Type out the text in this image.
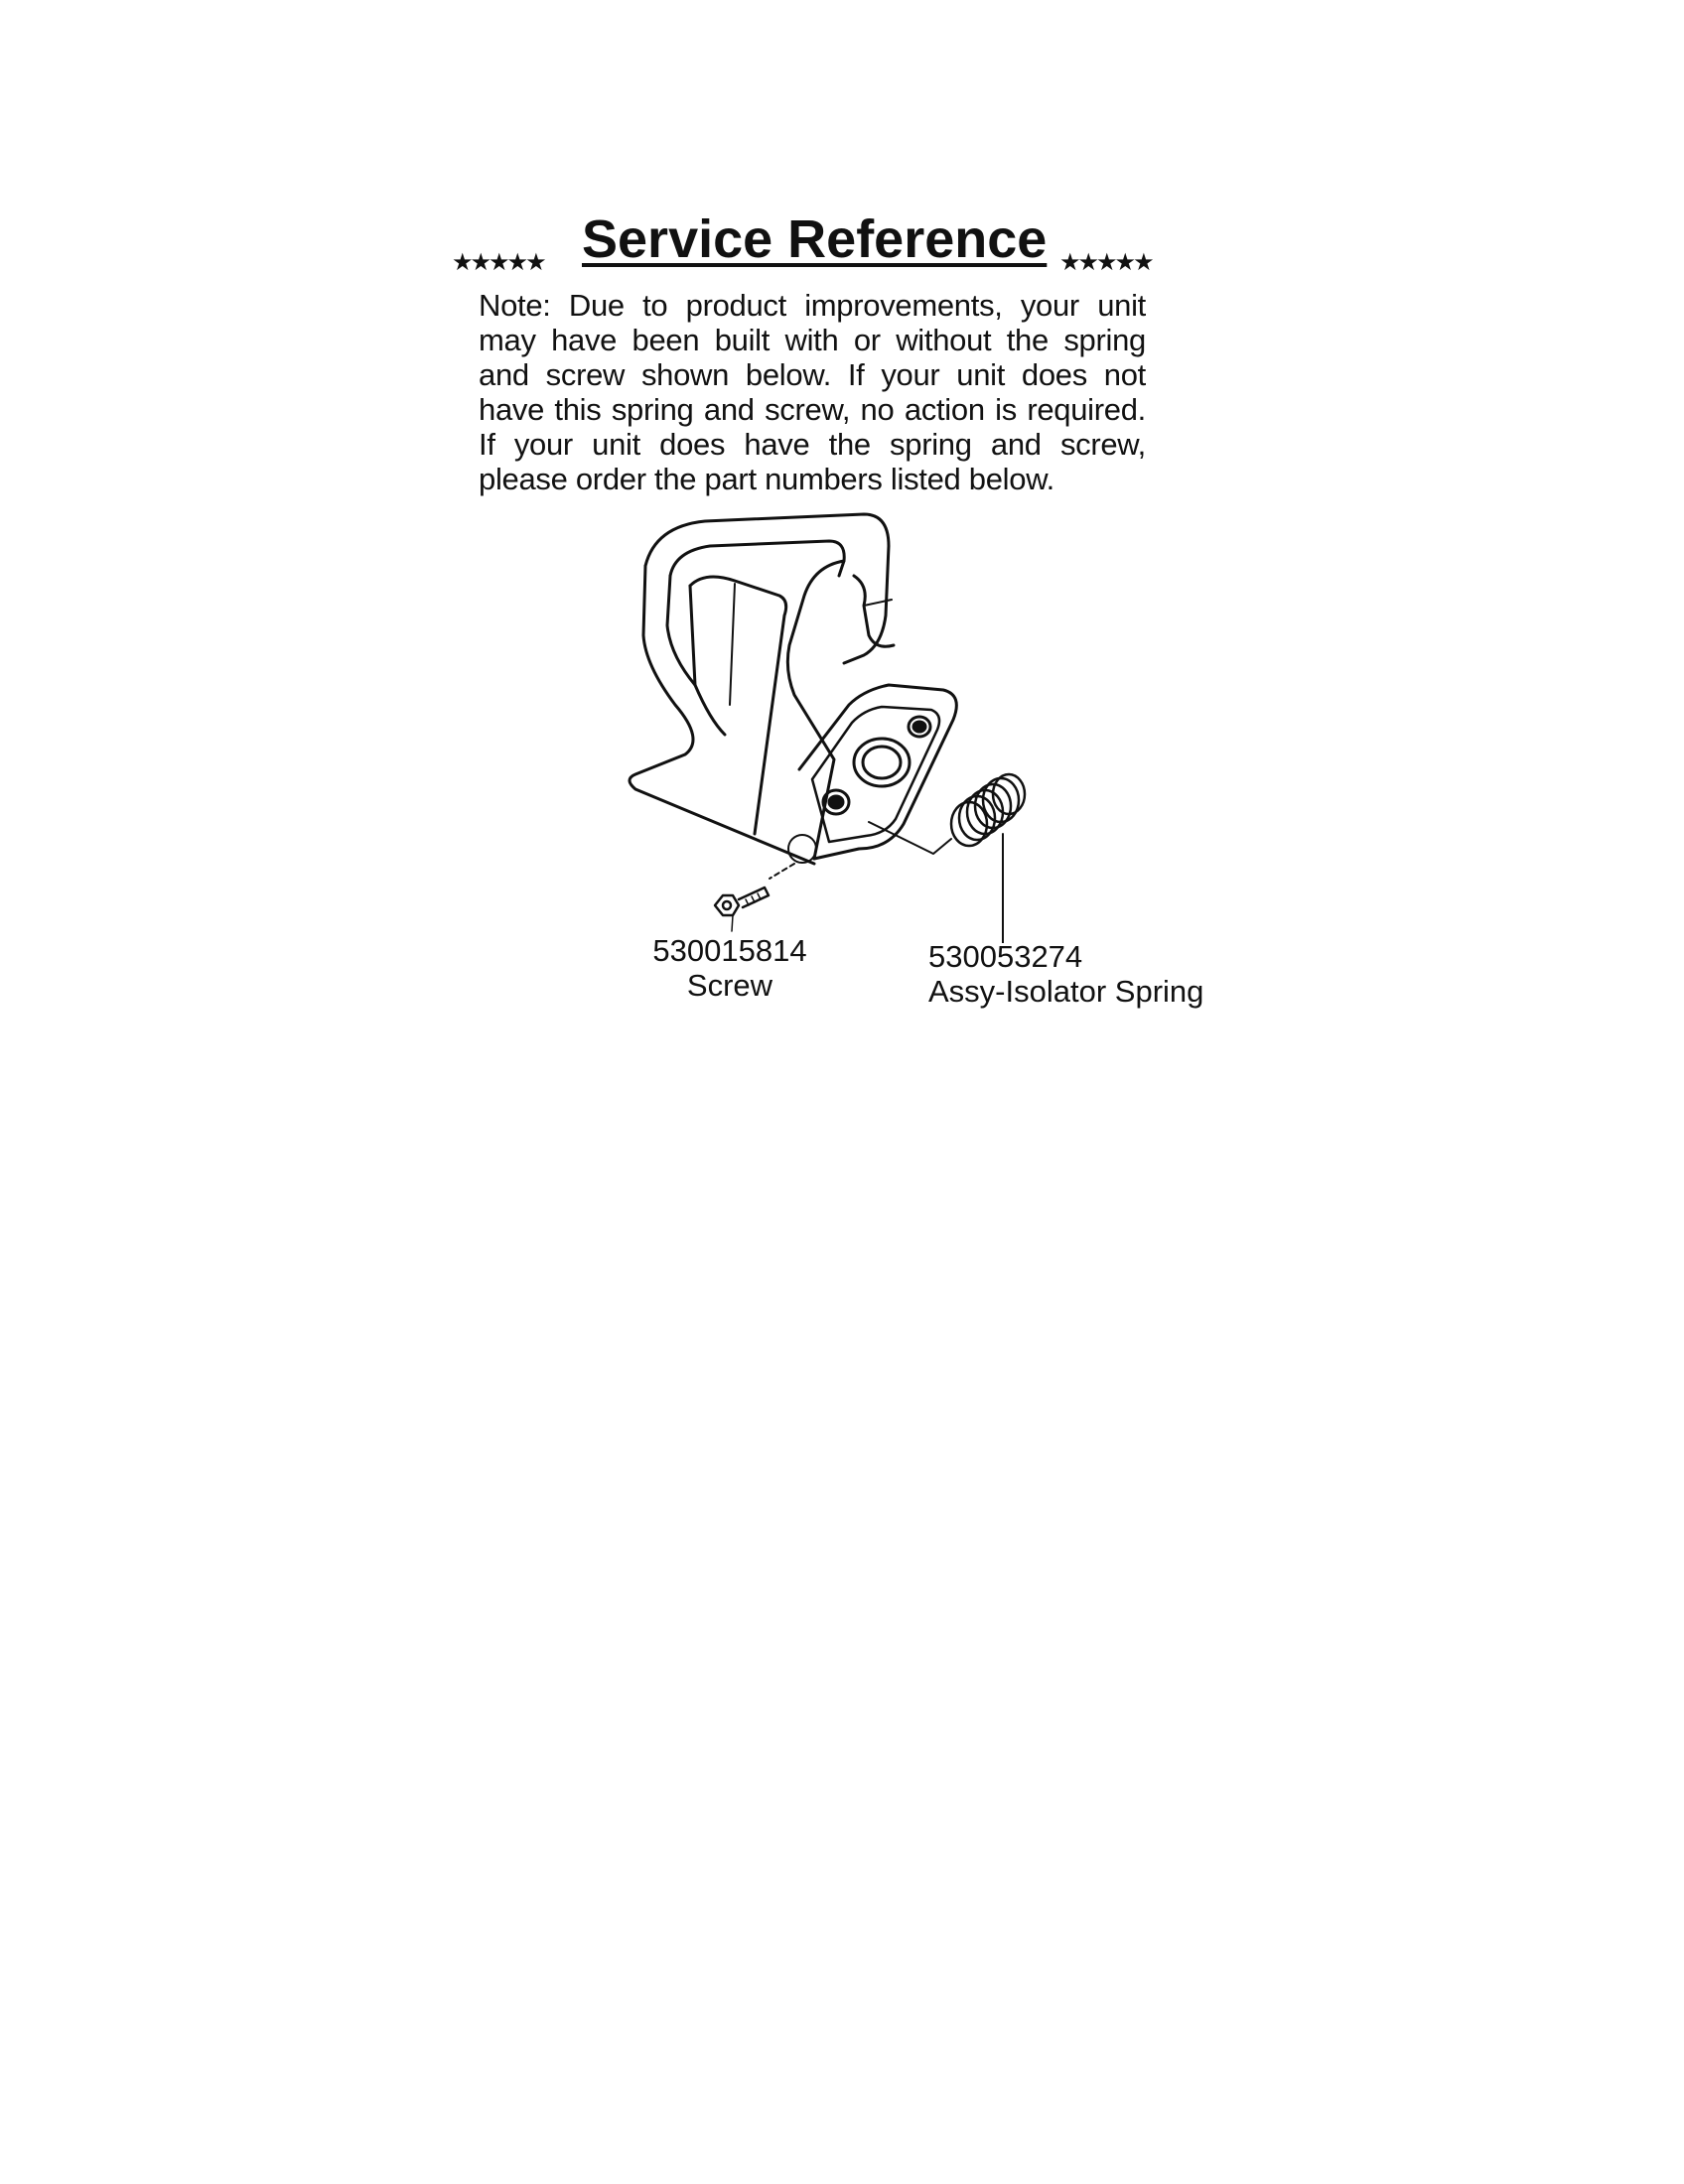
★★★★★ Service Reference ★★★★★
Note: Due to product improvements, your unit may have been built with or without the spring and screw shown below. If your unit does not have this spring and screw, no action is required. If your unit does have the spring and screw, please order the part numbers listed below.
530015814
Screw
530053274
Assy-Isolator Spring
